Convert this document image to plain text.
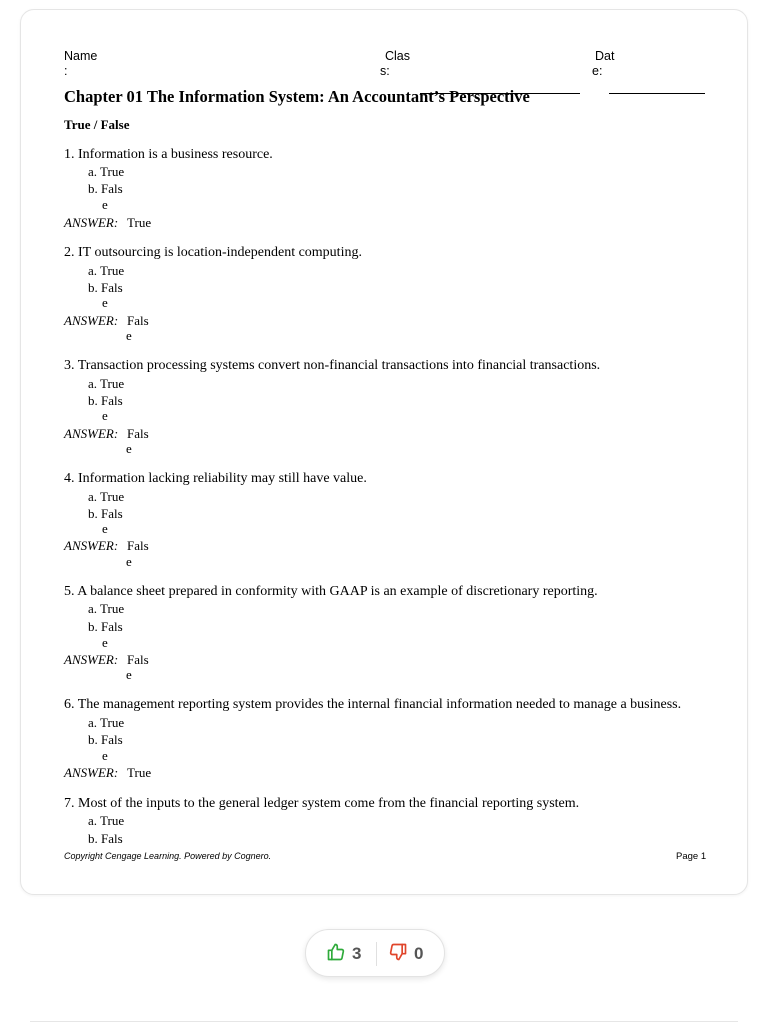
Name
:
Clas
s:
Dat
e:
Chapter 01 The Information System: An Accountant’s Perspective
True / False
1. Information is a business resource.
a. True
b. Fals
e
ANSWER: True
2. IT outsourcing is location-independent computing.
a. True
b. Fals
e
ANSWER: Fals
e
3. Transaction processing systems convert non-financial transactions into financial transactions.
a. True
b. Fals
e
ANSWER: Fals
e
4. Information lacking reliability may still have value.
a. True
b. Fals
e
ANSWER: Fals
e
5. A balance sheet prepared in conformity with GAAP is an example of discretionary reporting.
a. True
b. Fals
e
ANSWER: Fals
e
6. The management reporting system provides the internal financial information needed to manage a business.
a. True
b. Fals
e
ANSWER: True
7. Most of the inputs to the general ledger system come from the financial reporting system.
a. True
b. Fals
Copyright Cengage Learning. Powered by Cognero.	Page 1
3	0
